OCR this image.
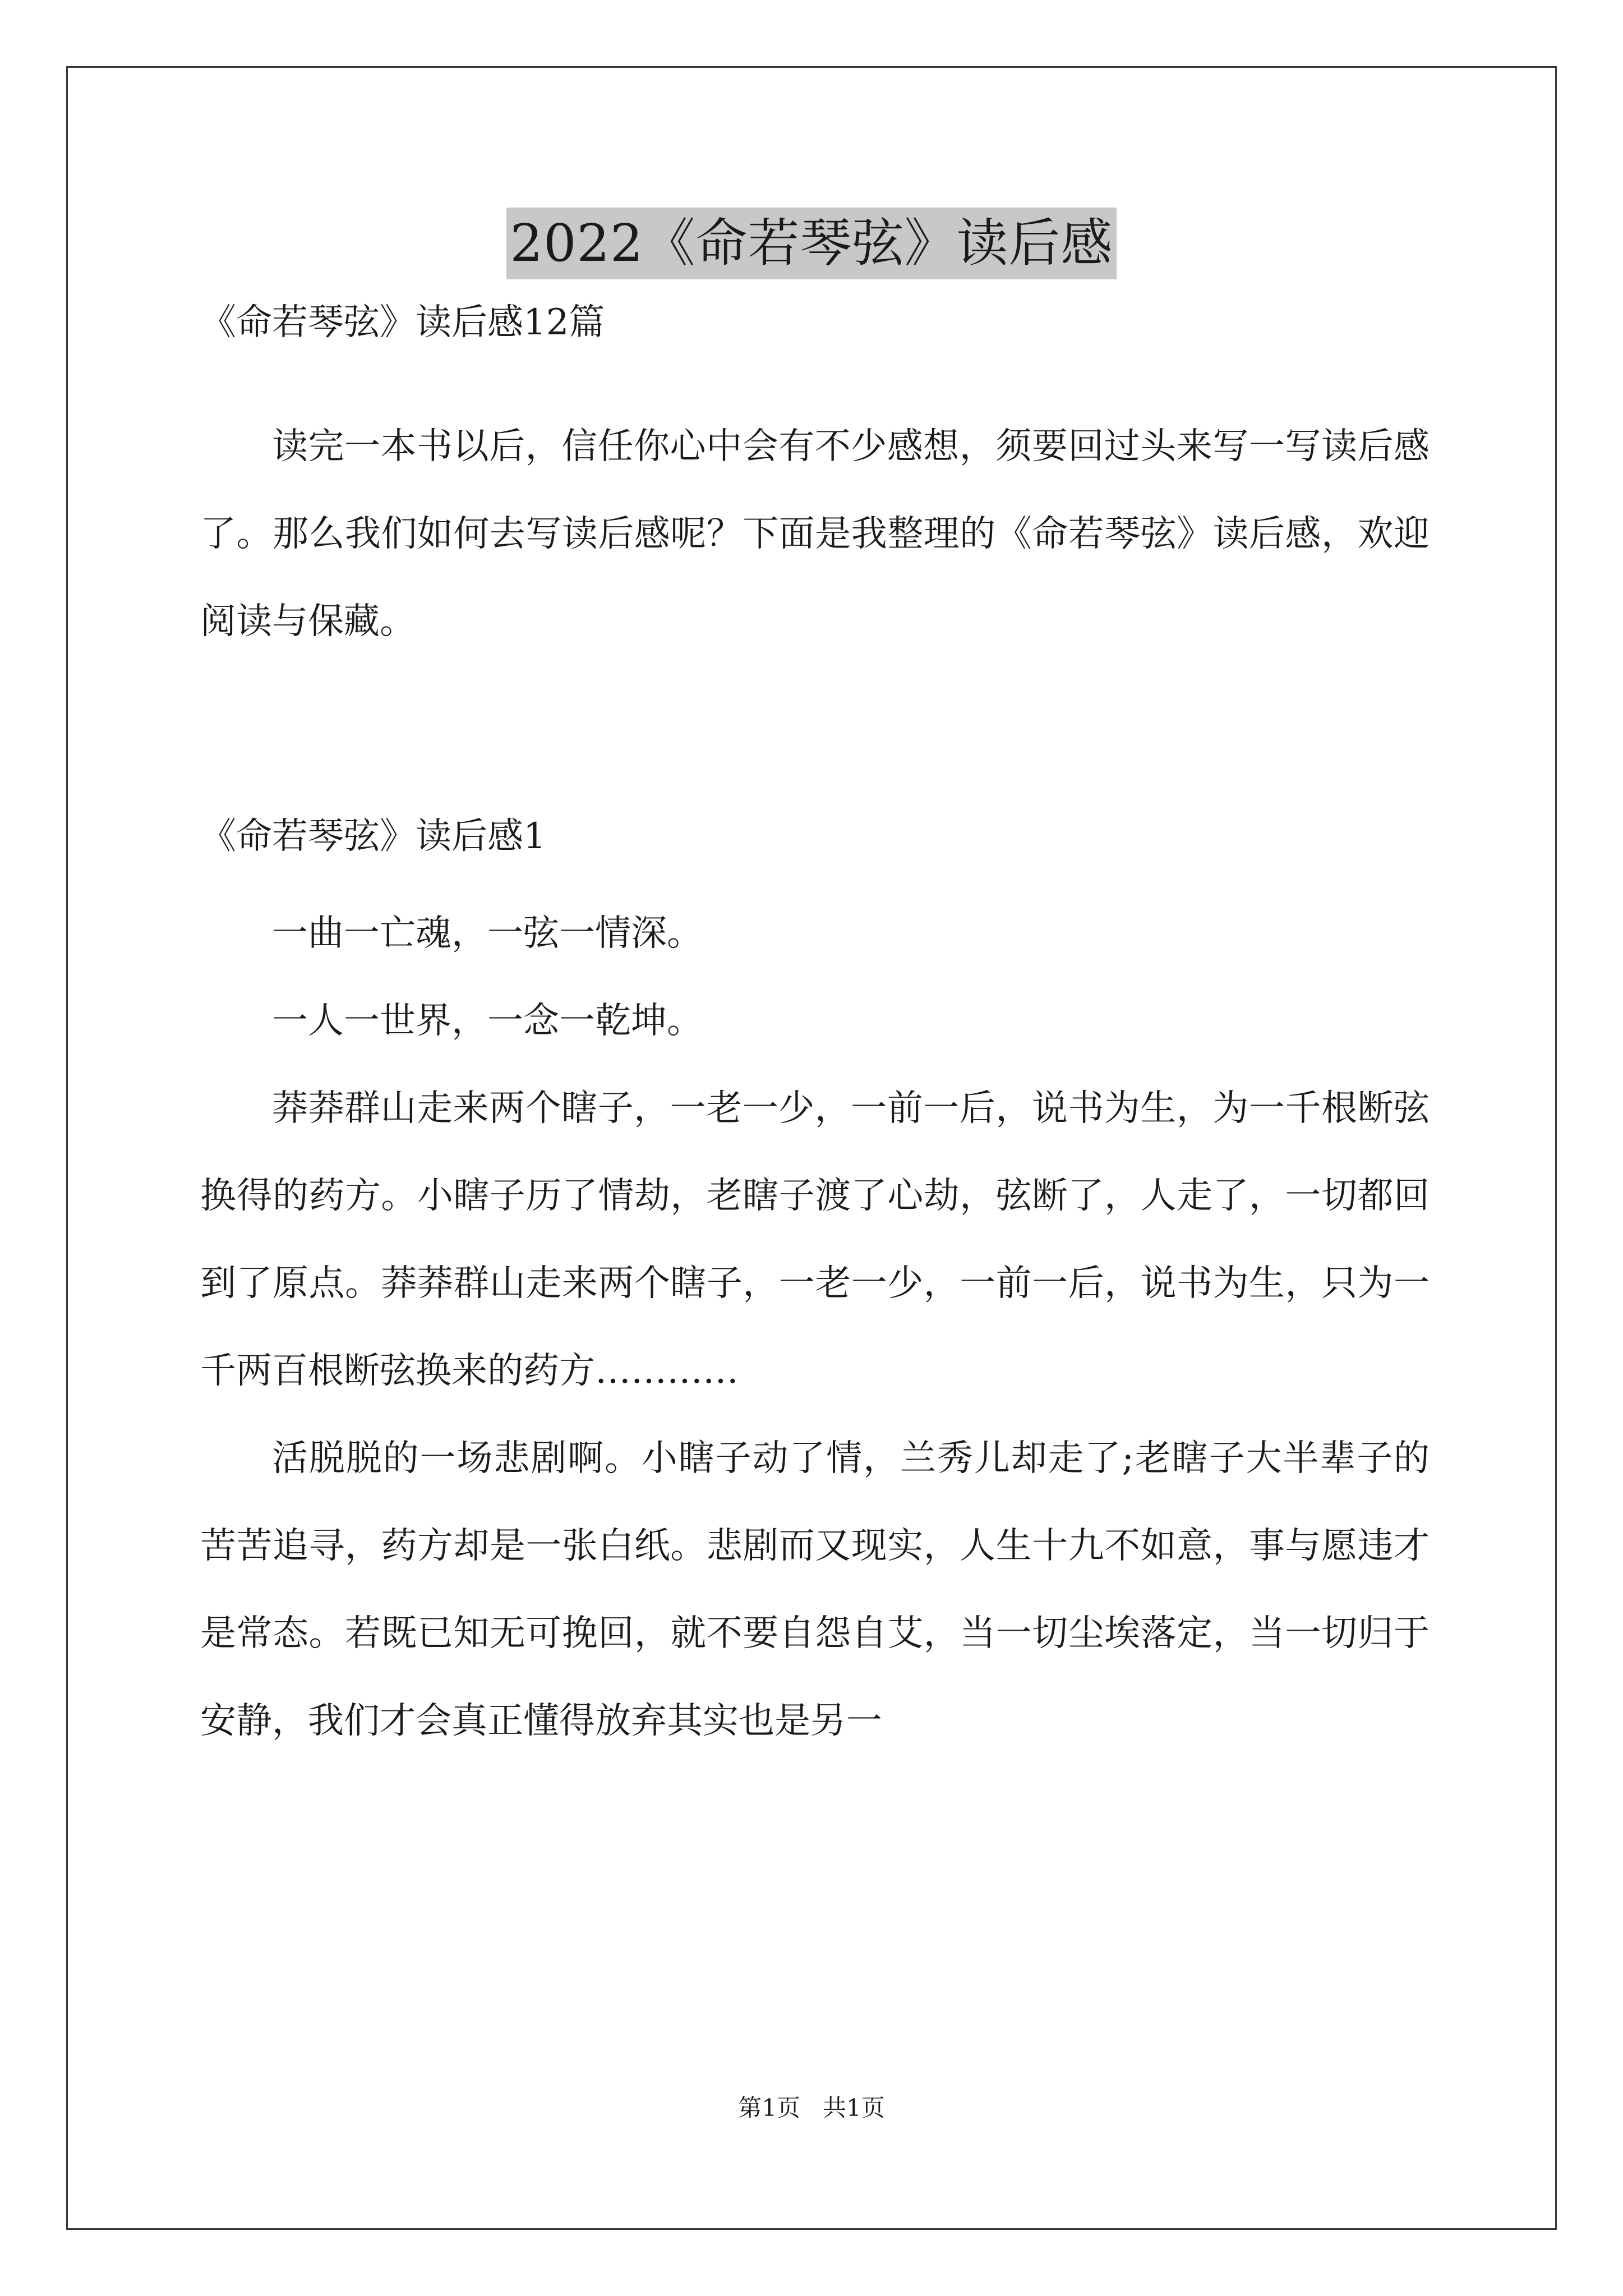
2022《命若琴弦》读后感
《命若琴弦》读后感12篇

读完一本书以后，信任你心中会有不少感想，须要回过头来写一写读后感了。那么我们如何去写读后感呢？下面是我整理的《命若琴弦》读后感，欢迎阅读与保藏。

《命若琴弦》读后感1

一曲一亡魂，一弦一情深。

一人一世界，一念一乾坤。

莽莽群山走来两个瞎子，一老一少，一前一后，说书为生，为一千根断弦换得的药方。小瞎子历了情劫，老瞎子渡了心劫，弦断了，人走了，一切都回到了原点。莽莽群山走来两个瞎子，一老一少，一前一后，说书为生，只为一千两百根断弦换来的药方…………

活脱脱的一场悲剧啊。小瞎子动了情，兰秀儿却走了;老瞎子大半辈子的苦苦追寻，药方却是一张白纸。悲剧而又现实，人生十九不如意，事与愿违才是常态。若既已知无可挽回，就不要自怨自艾，当一切尘埃落定，当一切归于安静，我们才会真正懂得放弃其实也是另一

第1页   共1页
